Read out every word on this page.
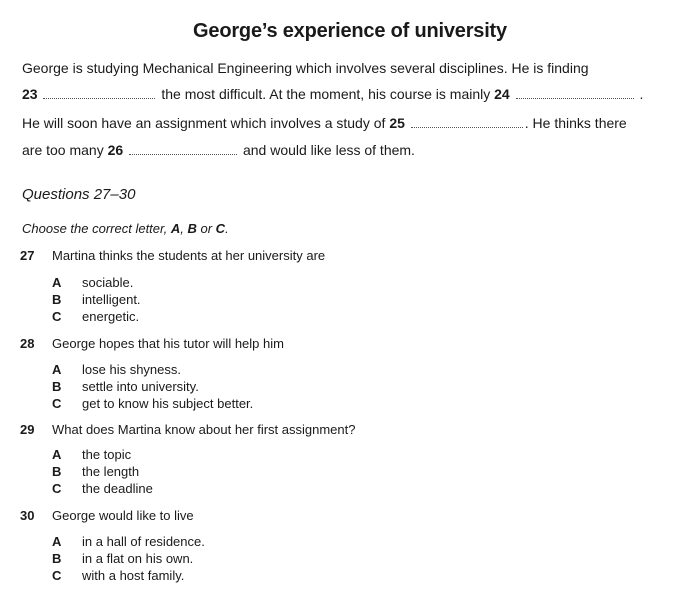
George’s experience of university
George is studying Mechanical Engineering which involves several disciplines. He is finding
23	the most difficult. At the moment, his course is mainly 24	.
He will soon have an assignment which involves a study of 25	. He thinks there
are too many 26	and would like less of them.
Questions 27–30
Choose the correct letter, A, B or C.
27 Martina thinks the students at her university are
A sociable.
B intelligent.
C energetic.
28 George hopes that his tutor will help him
A lose his shyness.
B settle into university.
C get to know his subject better.
29 What does Martina know about her first assignment?
A the topic
B the length
C the deadline
30 George would like to live
A in a hall of residence.
B in a flat on his own.
C with a host family.
